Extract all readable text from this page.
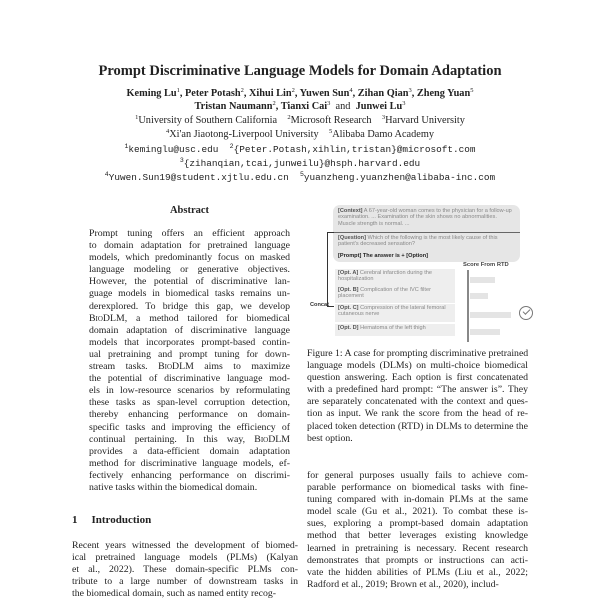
Prompt Discriminative Language Models for Domain Adaptation
Keming Lu$^1$, Peter Potash$^2$, Xihui Lin$^2$, Yuwen Sun$^4$, Zihan Qian$^3$, Zheng Yuan$^5$
Tristan Naumann$^2$, Tianxi Cai$^3$  and  Junwei Lu$^3$
$^1$University of Southern California $^2$Microsoft Research $^3$Harvard University
$^4$Xi'an Jiaotong-Liverpool University $^5$Alibaba Damo Academy
$^1$keminglu@usc.edu $^2${Peter.Potash,xihlin,tristan}@microsoft.com
$^3${zihanqian,tcai,junweilu}@hsph.harvard.edu
$^4$Yuwen.Sun19@student.xjtlu.edu.cn $^5$yuanzheng.yuanzhen@alibaba-inc.com
Abstract
Prompt tuning offers an efficient approach
to domain adaptation for pretrained language
models, which predominantly focus on masked
language modeling or generative objectives.
However, the potential of discriminative lan-
guage models in biomedical tasks remains un-
derexplored. To bridge this gap, we develop
BioDLM, a method tailored for biomedical
domain adaptation of discriminative language
models that incorporates prompt-based contin-
ual pretraining and prompt tuning for down-
stream tasks. BioDLM aims to maximize
the potential of discriminative language mod-
els in low-resource scenarios by reformulating
these tasks as span-level corruption detection,
thereby enhancing performance on domain-
specific tasks and improving the efficiency of
continual pertaining. In this way, BioDLM
provides a data-efficient domain adaptation
method for discriminative language models, ef-
fectively enhancing performance on discrimi-
native tasks within the biomedical domain.
1 Introduction
Recent years witnessed the development of biomed-
ical pretrained language models (PLMs) (Kalyan
et al., 2022). These domain-specific PLMs con-
tribute to a large number of downstream tasks in
the biomedical domain, such as named entity recog-
[Context] A 67-year-old woman comes to the physician for a follow-up examination. ... Examination of the skin shows no abnormalities. Muscle strength is normal. ...
[Question] Which of the following is the most likely cause of this patient's decreased sensation?
[Prompt] The answer is + [Option]
Concat
Score From RTD
[Opt. A] Cerebral infarction during the hospitalization
[Opt. B] Complication of the IVC filter placement
[Opt. C] Compression of the lateral femoral cutaneous nerve
[Opt. D] Hematoma of the left thigh
Figure 1: A case for prompting discriminative pretrained
language models (DLMs) on multi-choice biomedical
question answering. Each option is first concatenated
with a predefined hard prompt: “The answer is”. They
are separately concatenated with the context and ques-
tion as input. We rank the score from the head of re-
placed token detection (RTD) in DLMs to determine the
best option.
for general purposes usually fails to achieve com-
parable performance on biomedical tasks with fine-
tuning compared with in-domain PLMs at the same
model scale (Gu et al., 2021). To combat these is-
sues, exploring a prompt-based domain adaptation
method that better leverages existing knowledge
learned in pretraining is necessary. Recent research
demonstrates that prompts or instructions can acti-
vate the hidden abilities of PLMs (Liu et al., 2022;
Radford et al., 2019; Brown et al., 2020), includ-
